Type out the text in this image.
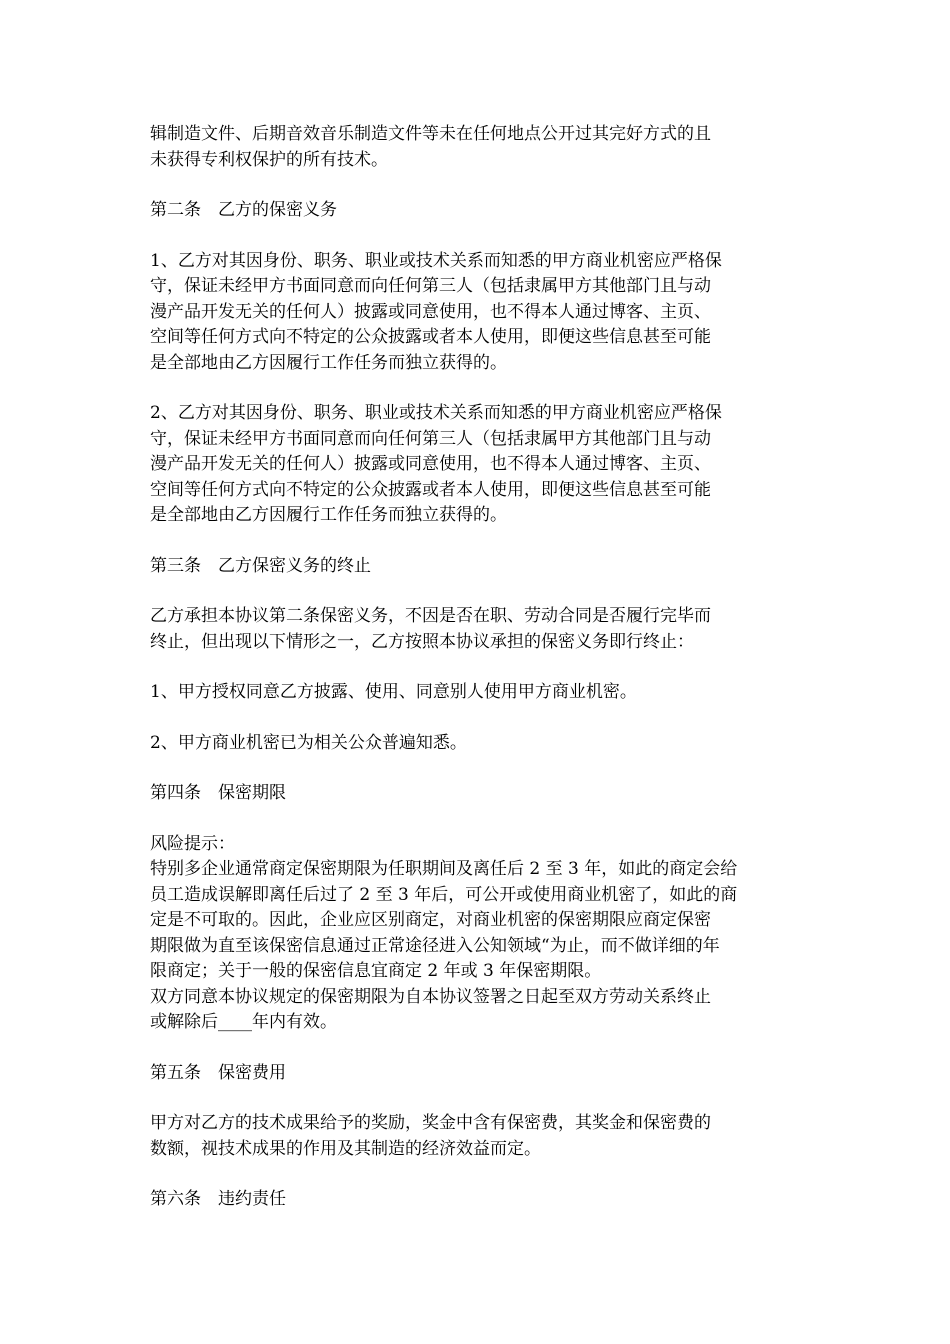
辑制造文件、后期音效音乐制造文件等未在任何地点公开过其完好方式的且
未获得专利权保护的所有技术。

第二条　乙方的保密义务

1、乙方对其因身份、职务、职业或技术关系而知悉的甲方商业机密应严格保
守，保证未经甲方书面同意而向任何第三人（包括隶属甲方其他部门且与动
漫产品开发无关的任何人）披露或同意使用，也不得本人通过博客、主页、
空间等任何方式向不特定的公众披露或者本人使用，即便这些信息甚至可能
是全部地由乙方因履行工作任务而独立获得的。

2、乙方对其因身份、职务、职业或技术关系而知悉的甲方商业机密应严格保
守，保证未经甲方书面同意而向任何第三人（包括隶属甲方其他部门且与动
漫产品开发无关的任何人）披露或同意使用，也不得本人通过博客、主页、
空间等任何方式向不特定的公众披露或者本人使用，即便这些信息甚至可能
是全部地由乙方因履行工作任务而独立获得的。

第三条　乙方保密义务的终止

乙方承担本协议第二条保密义务，不因是否在职、劳动合同是否履行完毕而
终止，但出现以下情形之一，乙方按照本协议承担的保密义务即行终止：

1、甲方授权同意乙方披露、使用、同意别人使用甲方商业机密。

2、甲方商业机密已为相关公众普遍知悉。

第四条　保密期限

风险提示：
特别多企业通常商定保密期限为任职期间及离任后 2 至 3 年，如此的商定会给
员工造成误解即离任后过了 2 至 3 年后，可公开或使用商业机密了，如此的商
定是不可取的。因此，企业应区别商定，对商业机密的保密期限应商定保密
期限做为直至该保密信息通过正常途径进入公知领域“为止，而不做详细的年
限商定；关于一般的保密信息宜商定 2 年或 3 年保密期限。
双方同意本协议规定的保密期限为自本协议签署之日起至双方劳动关系终止
或解除后____年内有效。

第五条　保密费用

甲方对乙方的技术成果给予的奖励，奖金中含有保密费，其奖金和保密费的
数额，视技术成果的作用及其制造的经济效益而定。

第六条　违约责任
